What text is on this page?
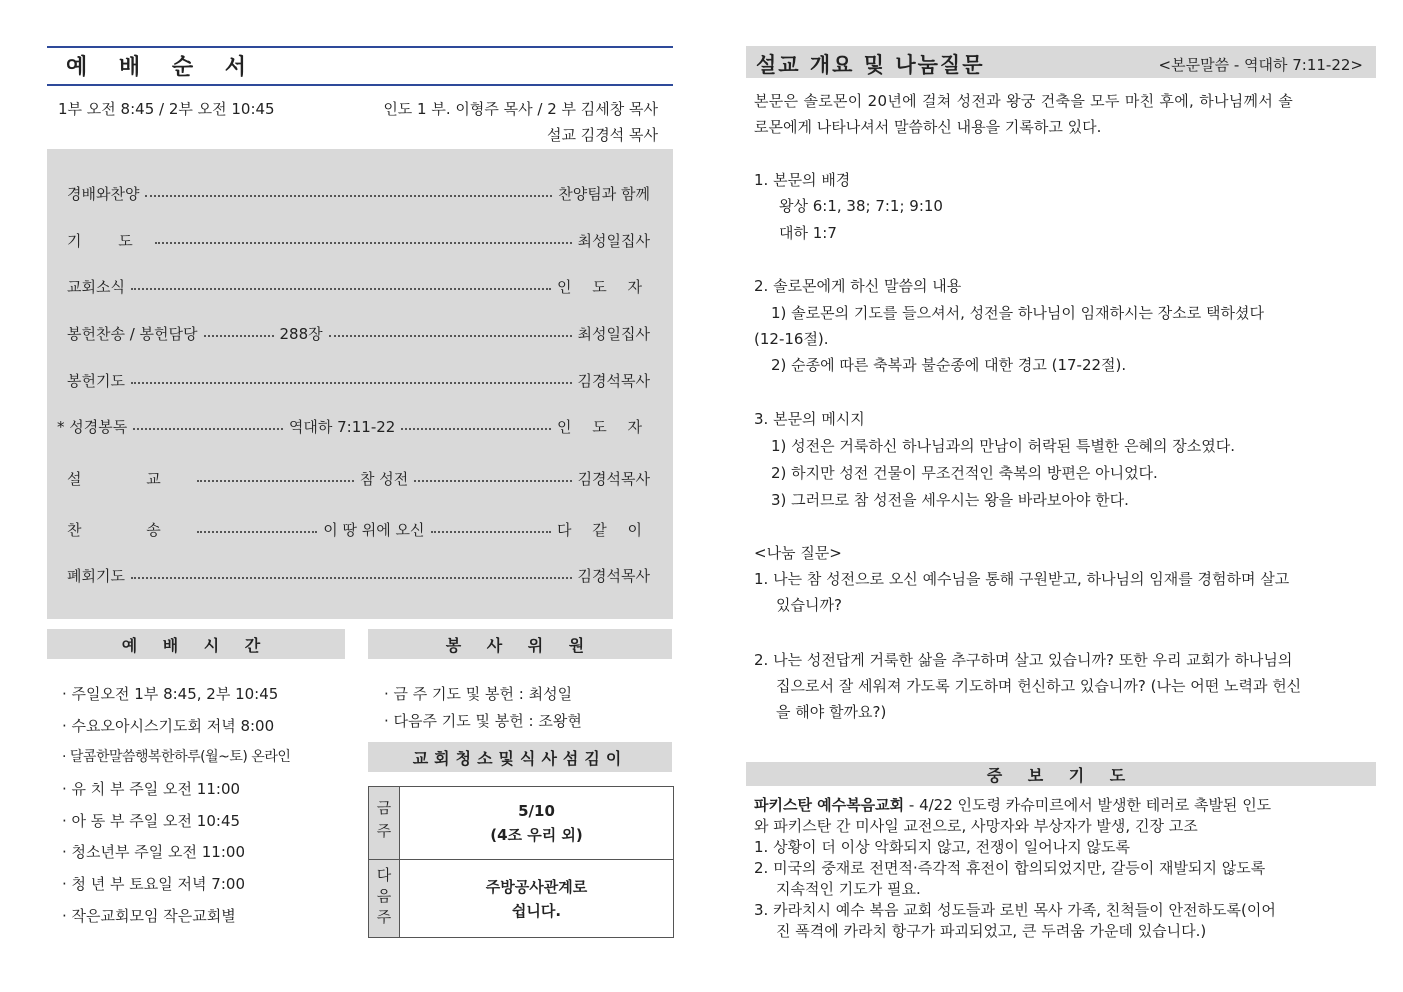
예 배 순 서
1부 오전 8:45 / 2부 오전 10:45	인도 1 부. 이형주 목사 / 2 부 김세창 목사
설교 김경석 목사
경배와찬양	찬양팀과 함께
기 도	최성일집사
교회소식	인 도 자
봉헌찬송 / 봉헌담당	288장	최성일집사
봉헌기도	김경석목사
* 성경봉독	역대하 7:11-22	인 도 자
설 교	참 성전	김경석목사
찬 송	이 땅 위에 오신	다 같 이
폐회기도	김경석목사
예 배 시 간
· 주일오전 1부 8:45, 2부 10:45
· 수요오아시스기도회 저녁 8:00
· 달콤한말씀행복한하루(월~토) 온라인
· 유 치 부 주일 오전 11:00
· 아 동 부 주일 오전 10:45
· 청소년부 주일 오전 11:00
· 청 년 부 토요일 저녁 7:00
· 작은교회모임 작은교회별
봉 사 위 원
· 금 주 기도 및 봉헌 : 최성일
· 다음주 기도 및 봉헌 : 조왕현
교회청소및식사섬김이
금주	5/10
(4조 우리 외)
다음주	주방공사관계로
쉽니다.
설교 개요 및 나눔질문	<본문말씀 - 역대하 7:11-22>
본문은 솔로몬이 20년에 걸쳐 성전과 왕궁 건축을 모두 마친 후에, 하나님께서 솔
로몬에게 나타나셔서 말씀하신 내용을 기록하고 있다.
1. 본문의 배경
왕상 6:1, 38; 7:1; 9:10
대하 1:7
2. 솔로몬에게 하신 말씀의 내용
1) 솔로몬의 기도를 들으셔서, 성전을 하나님이 임재하시는 장소로 택하셨다
(12-16절).
2) 순종에 따른 축복과 불순종에 대한 경고 (17-22절).
3. 본문의 메시지
1) 성전은 거룩하신 하나님과의 만남이 허락된 특별한 은혜의 장소였다.
2) 하지만 성전 건물이 무조건적인 축복의 방편은 아니었다.
3) 그러므로 참 성전을 세우시는 왕을 바라보아야 한다.
<나눔 질문>
1. 나는 참 성전으로 오신 예수님을 통해 구원받고, 하나님의 임재를 경험하며 살고
있습니까?
2. 나는 성전답게 거룩한 삶을 추구하며 살고 있습니까? 또한 우리 교회가 하나님의
집으로서 잘 세워져 가도록 기도하며 헌신하고 있습니까? (나는 어떤 노력과 헌신
을 해야 할까요?)
중 보 기 도
파키스탄 예수복음교회 - 4/22 인도령 카슈미르에서 발생한 테러로 촉발된 인도
와 파키스탄 간 미사일 교전으로, 사망자와 부상자가 발생, 긴장 고조
1. 상황이 더 이상 악화되지 않고, 전쟁이 일어나지 않도록
2. 미국의 중재로 전면적·즉각적 휴전이 합의되었지만, 갈등이 재발되지 않도록
지속적인 기도가 필요.
3. 카라치시 예수 복음 교회 성도들과 로빈 목사 가족, 친척들이 안전하도록(이어
진 폭격에 카라치 항구가 파괴되었고, 큰 두려움 가운데 있습니다.)
